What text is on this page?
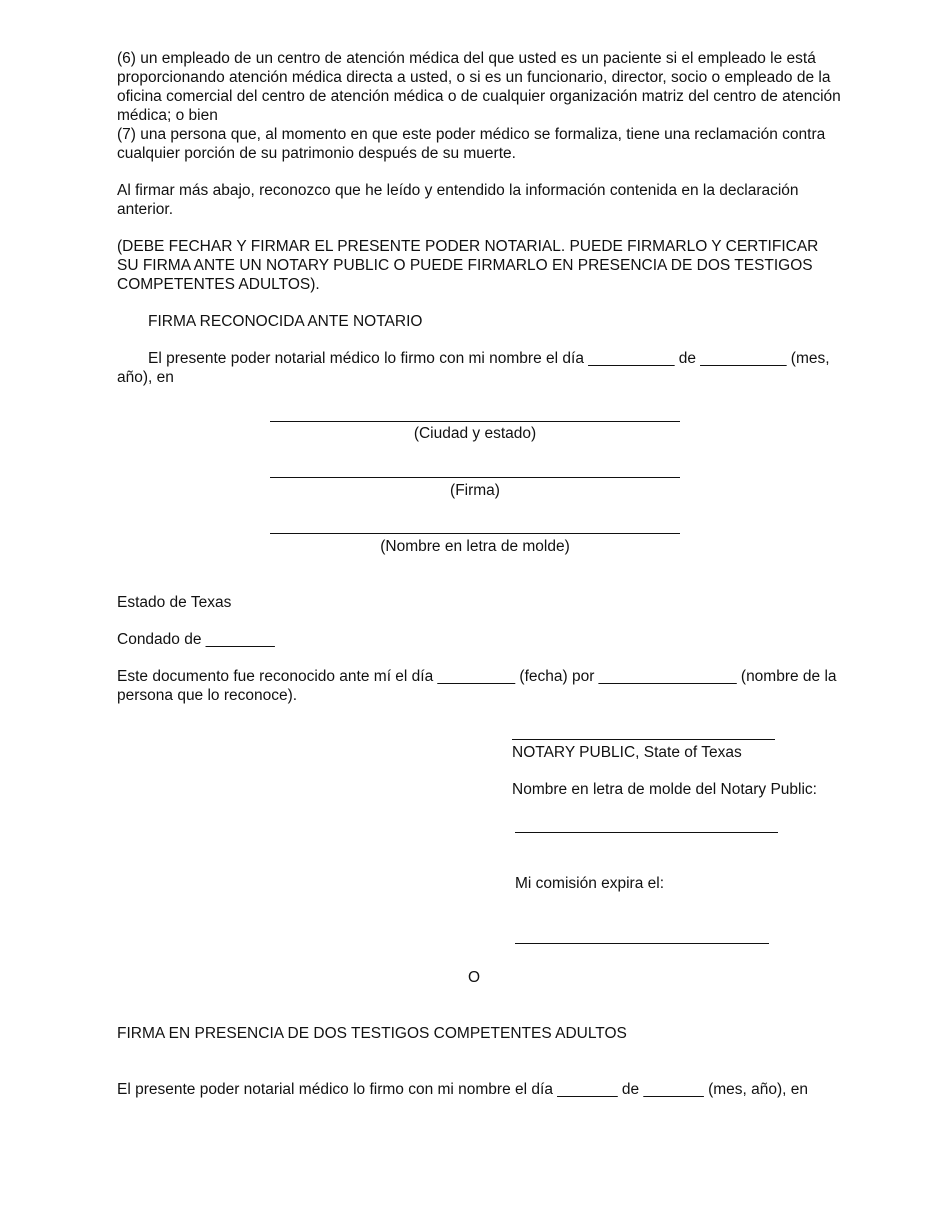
(6) un empleado de un centro de atención médica del que usted es un paciente si el empleado le está proporcionando atención médica directa a usted, o si es un funcionario, director, socio o empleado de la oficina comercial del centro de atención médica o de cualquier organización matriz del centro de atención médica; o bien

(7) una persona que, al momento en que este poder médico se formaliza, tiene una reclamación contra cualquier porción de su patrimonio después de su muerte.

Al firmar más abajo, reconozco que he leído y entendido la información contenida en la declaración anterior.

(DEBE FECHAR Y FIRMAR EL PRESENTE PODER NOTARIAL. PUEDE FIRMARLO Y CERTIFICAR SU FIRMA ANTE UN NOTARY PUBLIC O PUEDE FIRMARLO EN PRESENCIA DE DOS TESTIGOS COMPETENTES ADULTOS).

FIRMA RECONOCIDA ANTE NOTARIO

El presente poder notarial médico lo firmo con mi nombre el día __________ de __________ (mes, año), en

(Ciudad y estado)
(Firma)
(Nombre en letra de molde)

Estado de Texas

Condado de ________

Este documento fue reconocido ante mí el día _________ (fecha) por ________________ (nombre de la persona que lo reconoce).

NOTARY PUBLIC, State of Texas

Nombre en letra de molde del Notary Public:

Mi comisión expira el:

O

FIRMA EN PRESENCIA DE DOS TESTIGOS COMPETENTES ADULTOS

El presente poder notarial médico lo firmo con mi nombre el día _______ de _______ (mes, año), en
